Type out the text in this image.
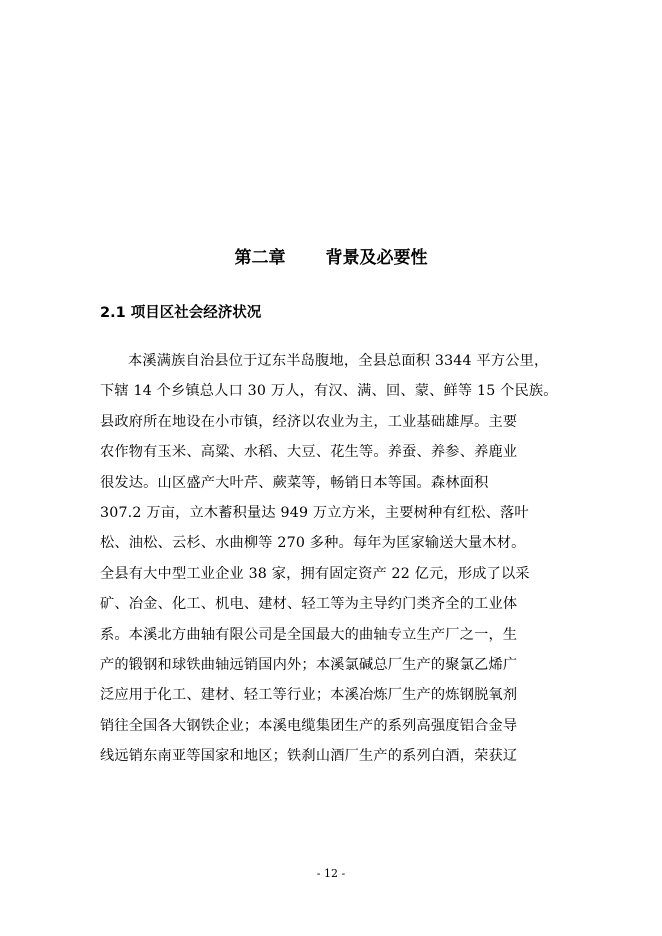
第二章 背景及必要性
2.1 项目区社会经济状况
本溪满族自治县位于辽东半岛腹地，全县总面积 3344 平方公里，
下辖 14 个乡镇总人口 30 万人，有汉、满、回、蒙、鲜等 15 个民族。
县政府所在地设在小市镇，经济以农业为主，工业基础雄厚。主要
农作物有玉米、高粱、水稻、大豆、花生等。养蚕、养参、养鹿业
很发达。山区盛产大叶芹、蕨菜等，畅销日本等国。森林面积
307.2 万亩，立木蓄积量达 949 万立方米，主要树种有红松、落叶
松、油松、云杉、水曲柳等 270 多种。每年为匡家输送大量木材。
全县有大中型工业企业 38 家，拥有固定资产 22 亿元，形成了以采
矿、冶金、化工、机电、建材、轻工等为主导约门类齐全的工业体
系。本溪北方曲轴有限公司是全国最大的曲轴专立生产厂之一，生
产的锻钢和球铁曲轴远销国内外；本溪氯碱总厂生产的聚氯乙烯广
泛应用于化工、建材、轻工等行业；本溪冶炼厂生产的炼钢脱氧剂
销往全国各大钢铁企业；本溪电缆集团生产的系列高强度铝合金导
线远销东南亚等国家和地区；铁刹山酒厂生产的系列白酒，荣获辽
- 12 -
